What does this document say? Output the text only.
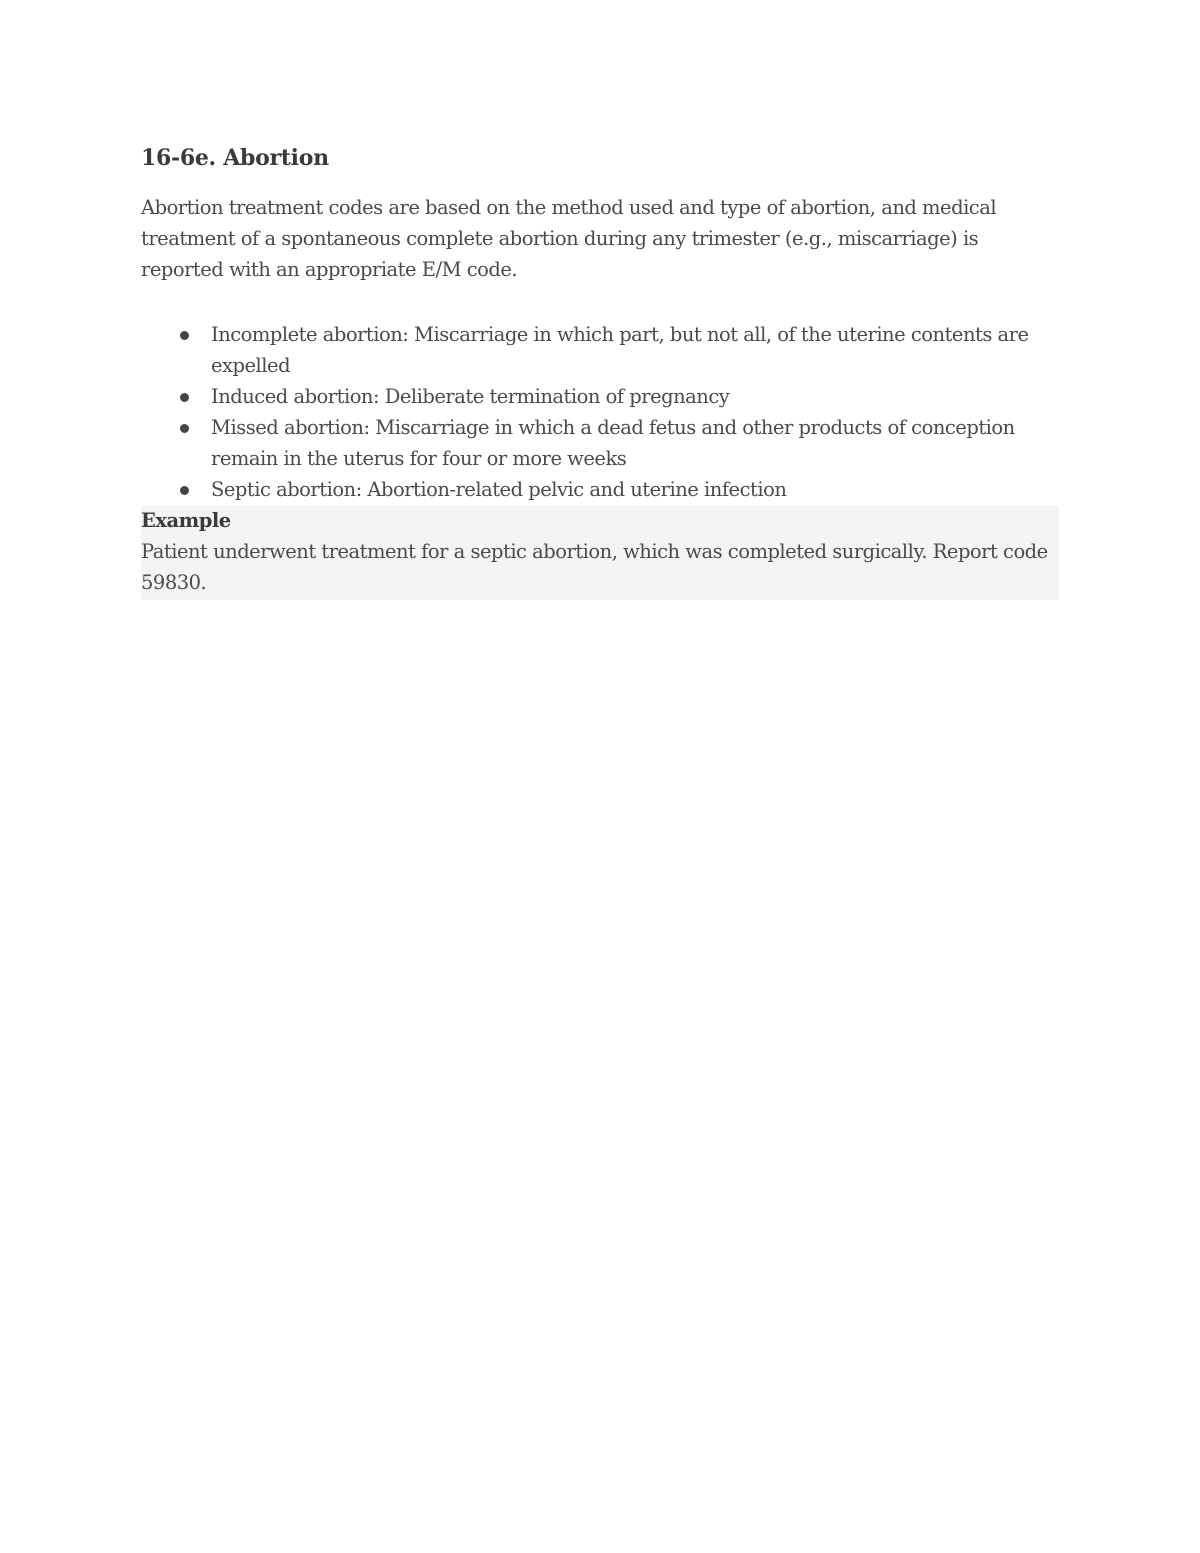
16-6e. Abortion

Abortion treatment codes are based on the method used and type of abortion, and medical treatment of a spontaneous complete abortion during any trimester (e.g., miscarriage) is reported with an appropriate E/M code.

Incomplete abortion: Miscarriage in which part, but not all, of the uterine contents are expelled
Induced abortion: Deliberate termination of pregnancy
Missed abortion: Miscarriage in which a dead fetus and other products of conception remain in the uterus for four or more weeks
Septic abortion: Abortion-related pelvic and uterine infection
Example
Patient underwent treatment for a septic abortion, which was completed surgically. Report code 59830.
